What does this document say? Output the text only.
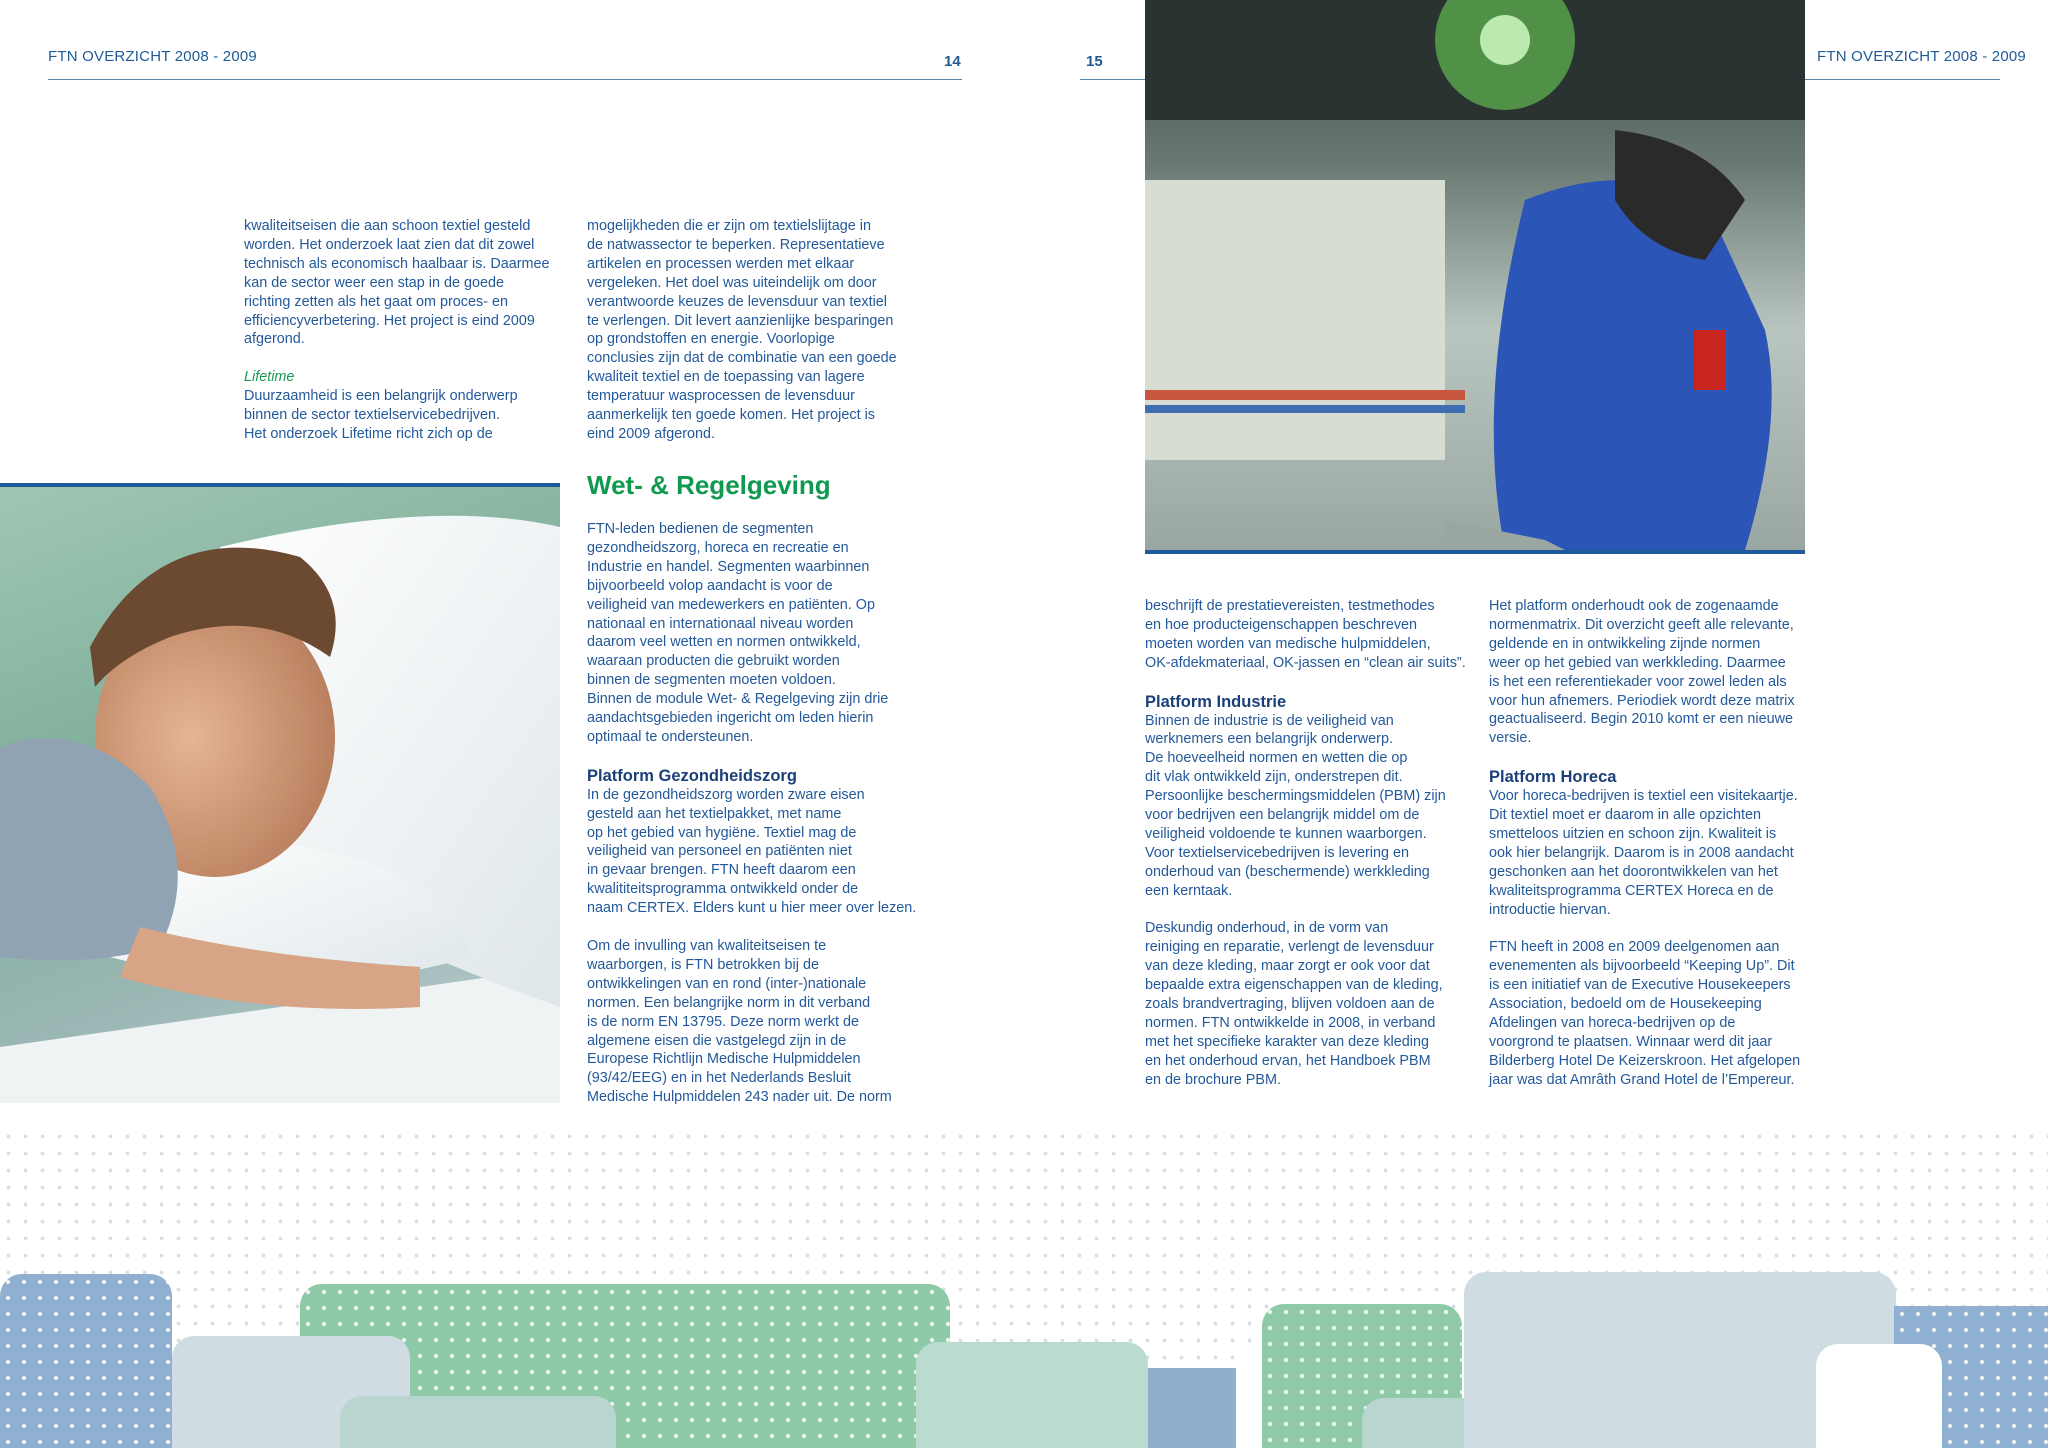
FTN OVERZICHT 2008 - 2009	14	15	FTN OVERZICHT 2008 - 2009

kwaliteitseisen die aan schoon textiel gesteld
worden. Het onderzoek laat zien dat dit zowel
technisch als economisch haalbaar is. Daarmee
kan de sector weer een stap in de goede
richting zetten als het gaat om proces- en
efficiencyverbetering. Het project is eind 2009
afgerond.

Lifetime

Duurzaamheid is een belangrijk onderwerp
binnen de sector textielservicebedrijven.
Het onderzoek Lifetime richt zich op de

mogelijkheden die er zijn om textielslijtage in
de natwassector te beperken. Representatieve
artikelen en processen werden met elkaar
vergeleken. Het doel was uiteindelijk om door
verantwoorde keuzes de levensduur van textiel
te verlengen. Dit levert aanzienlijke besparingen
op grondstoffen en energie. Voorlopige
conclusies zijn dat de combinatie van een goede
kwaliteit textiel en de toepassing van lagere
temperatuur wasprocessen de levensduur
aanmerkelijk ten goede komen. Het project is
eind 2009 afgerond.

Wet- & Regelgeving

FTN-leden bedienen de segmenten
gezondheidszorg, horeca en recreatie en
Industrie en handel. Segmenten waarbinnen
bijvoorbeeld volop aandacht is voor de
veiligheid van medewerkers en patiënten. Op
nationaal en internationaal niveau worden
daarom veel wetten en normen ontwikkeld,
waaraan producten die gebruikt worden
binnen de segmenten moeten voldoen.
Binnen de module Wet- & Regelgeving zijn drie
aandachtsgebieden ingericht om leden hierin
optimaal te ondersteunen.

Platform Gezondheidszorg

In de gezondheidszorg worden zware eisen
gesteld aan het textielpakket, met name
op het gebied van hygiëne. Textiel mag de
veiligheid van personeel en patiënten niet
in gevaar brengen. FTN heeft daarom een
kwalititeitsprogramma ontwikkeld onder de
naam CERTEX. Elders kunt u hier meer over lezen.

Om de invulling van kwaliteitseisen te
waarborgen, is FTN betrokken bij de
ontwikkelingen van en rond (inter-)nationale
normen. Een belangrijke norm in dit verband
is de norm EN 13795. Deze norm werkt de
algemene eisen die vastgelegd zijn in de
Europese Richtlijn Medische Hulpmiddelen
(93/42/EEG) en in het Nederlands Besluit
Medische Hulpmiddelen 243 nader uit. De norm

beschrijft de prestatievereisten, testmethodes
en hoe producteigenschappen beschreven
moeten worden van medische hulpmiddelen,
OK-afdekmateriaal, OK-jassen en “clean air suits”.

Platform Industrie

Binnen de industrie is de veiligheid van
werknemers een belangrijk onderwerp.
De hoeveelheid normen en wetten die op
dit vlak ontwikkeld zijn, onderstrepen dit.
Persoonlijke beschermingsmiddelen (PBM) zijn
voor bedrijven een belangrijk middel om de
veiligheid voldoende te kunnen waarborgen.
Voor textielservicebedrijven is levering en
onderhoud van (beschermende) werkkleding
een kerntaak.

Deskundig onderhoud, in de vorm van
reiniging en reparatie, verlengt de levensduur
van deze kleding, maar zorgt er ook voor dat
bepaalde extra eigenschappen van de kleding,
zoals brandvertraging, blijven voldoen aan de
normen. FTN ontwikkelde in 2008, in verband
met het specifieke karakter van deze kleding
en het onderhoud ervan, het Handboek PBM
en de brochure PBM.

Het platform onderhoudt ook de zogenaamde
normenmatrix. Dit overzicht geeft alle relevante,
geldende en in ontwikkeling zijnde normen
weer op het gebied van werkkleding. Daarmee
is het een referentiekader voor zowel leden als
voor hun afnemers. Periodiek wordt deze matrix
geactualiseerd. Begin 2010 komt er een nieuwe
versie.

Platform Horeca

Voor horeca-bedrijven is textiel een visitekaartje.
Dit textiel moet er daarom in alle opzichten
smetteloos uitzien en schoon zijn. Kwaliteit is
ook hier belangrijk. Daarom is in 2008 aandacht
geschonken aan het doorontwikkelen van het
kwaliteitsprogramma CERTEX Horeca en de
introductie hiervan.

FTN heeft in 2008 en 2009 deelgenomen aan
evenementen als bijvoorbeeld “Keeping Up”. Dit
is een initiatief van de Executive Housekeepers
Association, bedoeld om de Housekeeping
Afdelingen van horeca-bedrijven op de
voorgrond te plaatsen. Winnaar werd dit jaar
Bilderberg Hotel De Keizerskroon. Het afgelopen
jaar was dat Amrâth Grand Hotel de l’Empereur.
